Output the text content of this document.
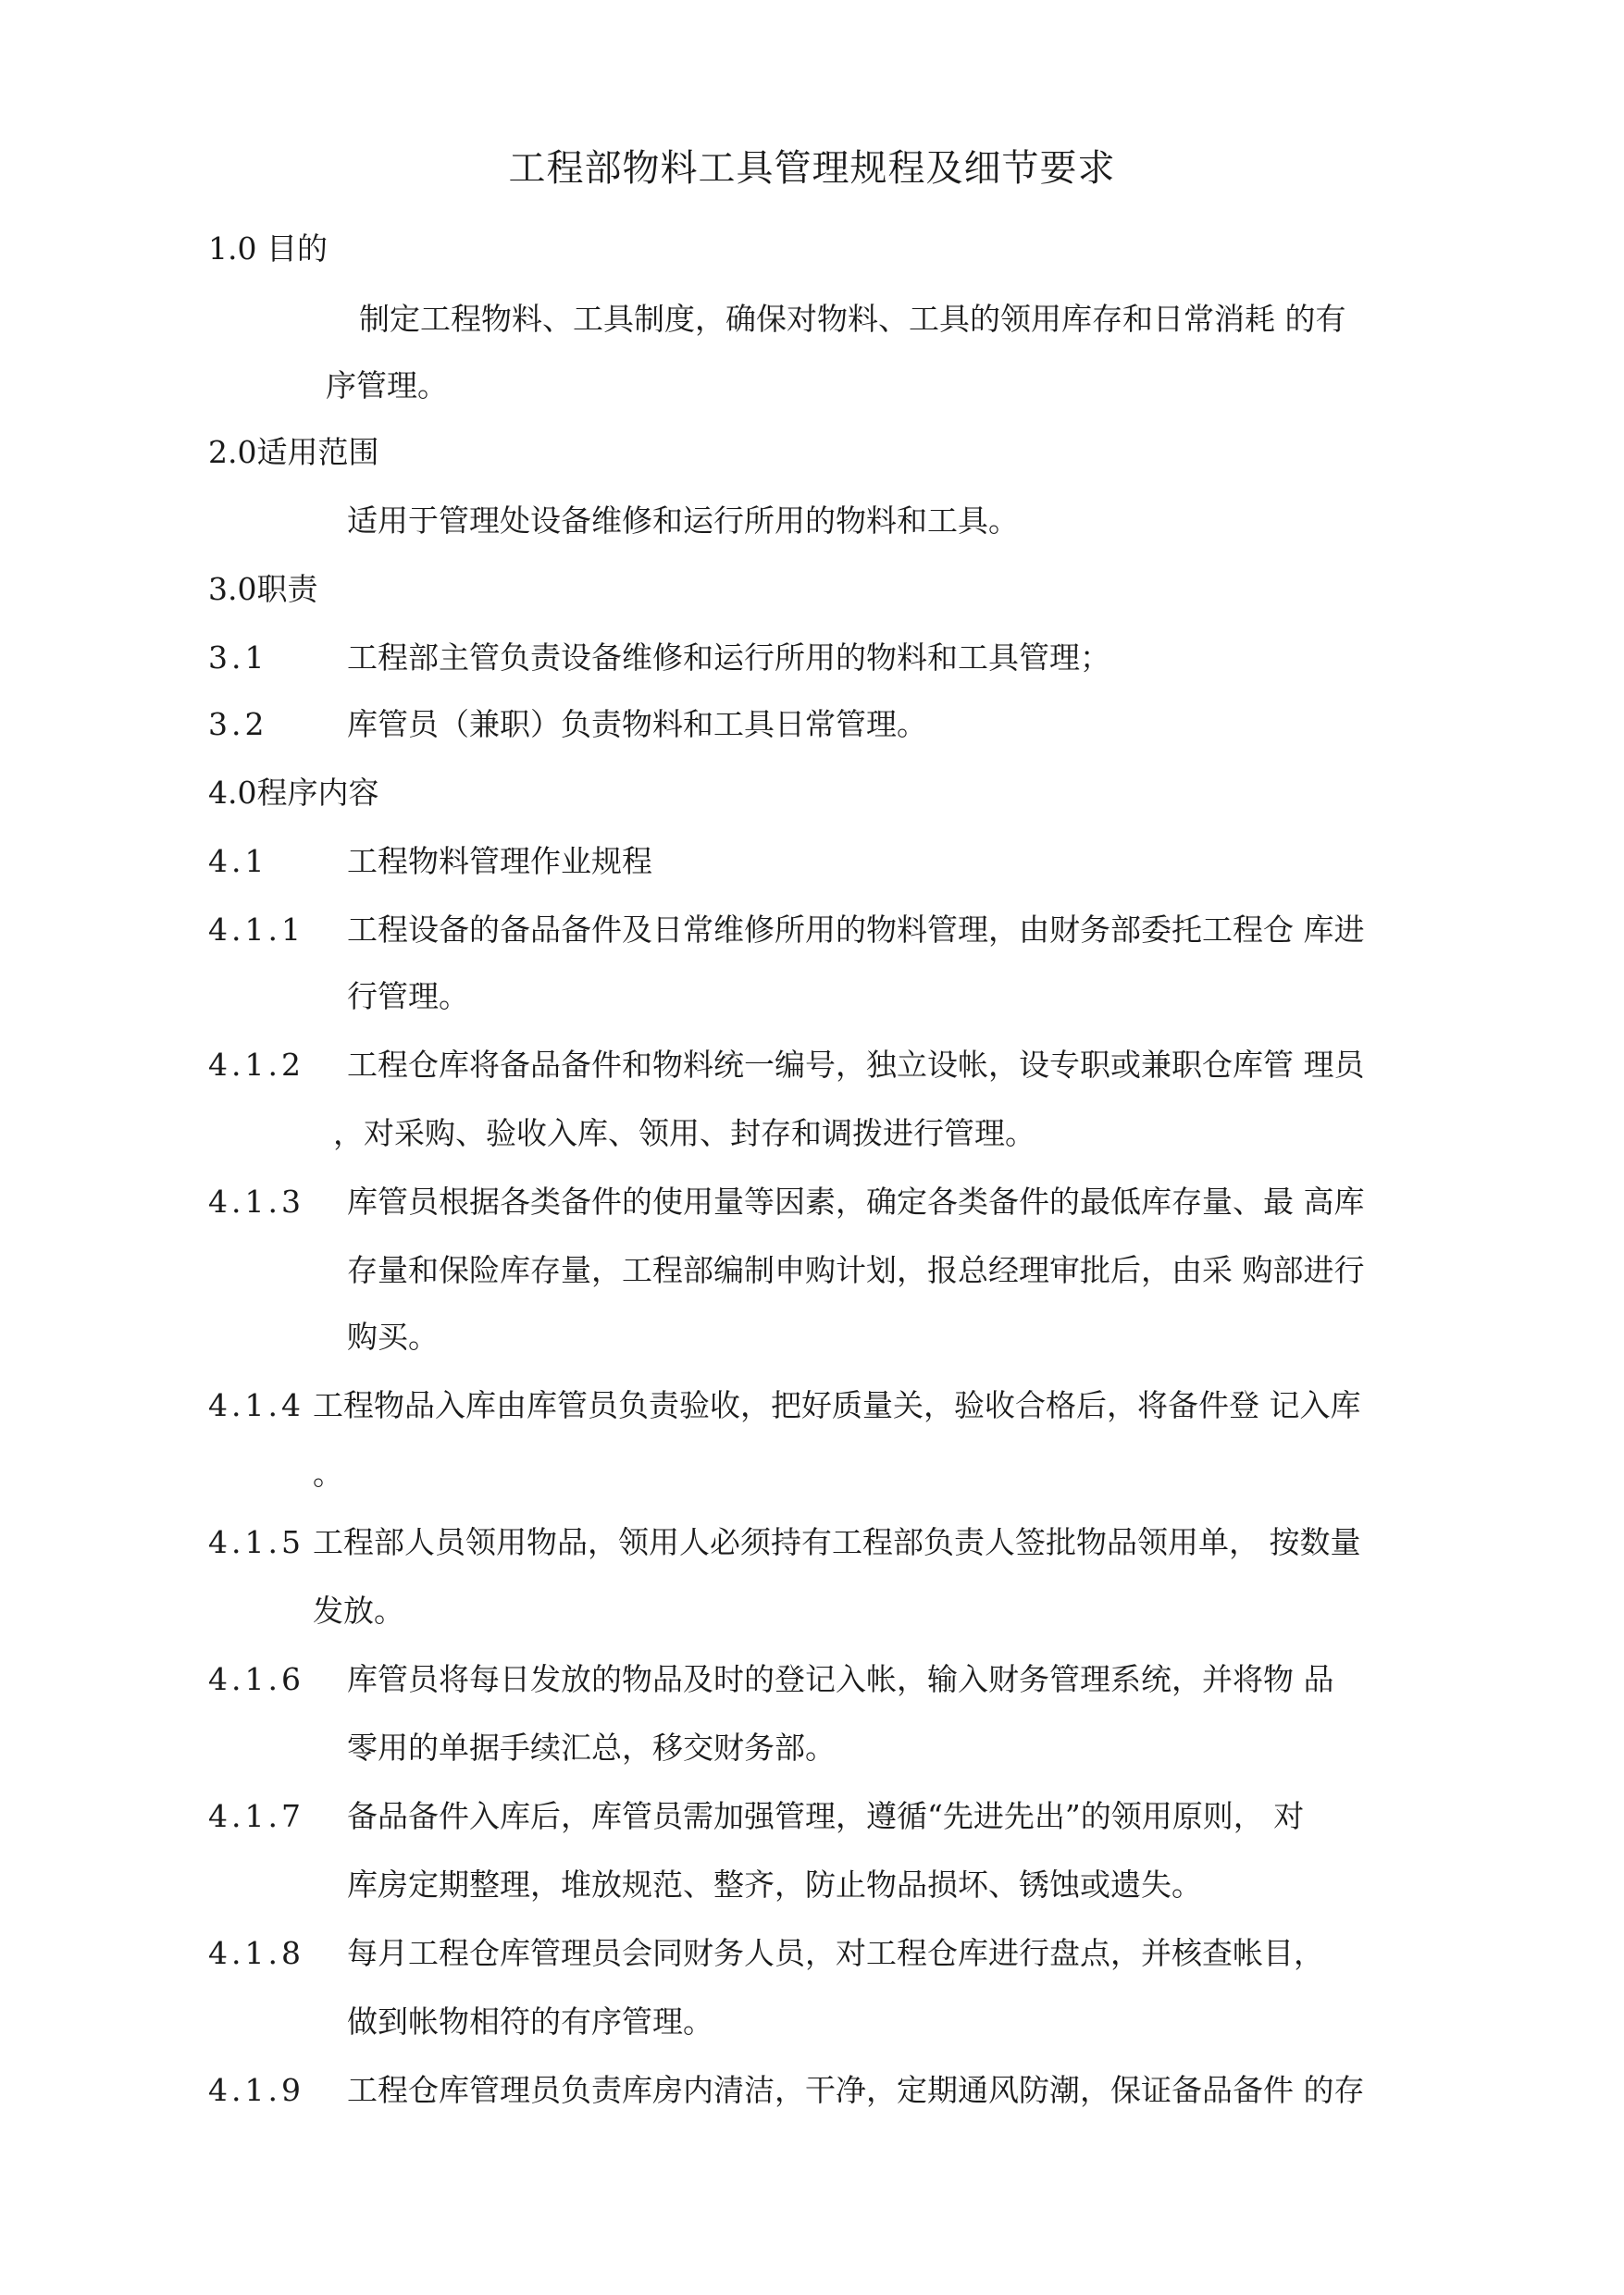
工程部物料工具管理规程及细节要求
1.0 目的
制定工程物料、工具制度，确保对物料、工具的领用库存和日常消耗 的有
序管理。
2.0适用范围
适用于管理处设备维修和运行所用的物料和工具。
3.0职责
3.1	工程部主管负责设备维修和运行所用的物料和工具管理；
3.2	库管员（兼职）负责物料和工具日常管理。
4.0程序内容
4.1	工程物料管理作业规程
4.1.1 工程设备的备品备件及日常维修所用的物料管理，由财务部委托工程仓 库进
行管理。
4.1.2 工程仓库将备品备件和物料统一编号，独立设帐，设专职或兼职仓库管 理员
，对采购、验收入库、领用、封存和调拨进行管理。
4.1.3 库管员根据各类备件的使用量等因素，确定各类备件的最低库存量、最 高库
存量和保险库存量，工程部编制申购计划，报总经理审批后，由采 购部进行
购买。
4.1.4 工程物品入库由库管员负责验收，把好质量关，验收合格后，将备件登 记入库
。
4.1.5 工程部人员领用物品，领用人必须持有工程部负责人签批物品领用单， 按数量
发放。
4.1.6 库管员将每日发放的物品及时的登记入帐，输入财务管理系统，并将物 品
零用的单据手续汇总，移交财务部。
4.1.7 备品备件入库后，库管员需加强管理，遵循“先进先出”的领用原则， 对
库房定期整理，堆放规范、整齐，防止物品损坏、锈蚀或遗失。
4.1.8 每月工程仓库管理员会同财务人员，对工程仓库进行盘点，并核查帐目，
做到帐物相符的有序管理。
4.1.9 工程仓库管理员负责库房内清洁，干净，定期通风防潮，保证备品备件 的存
